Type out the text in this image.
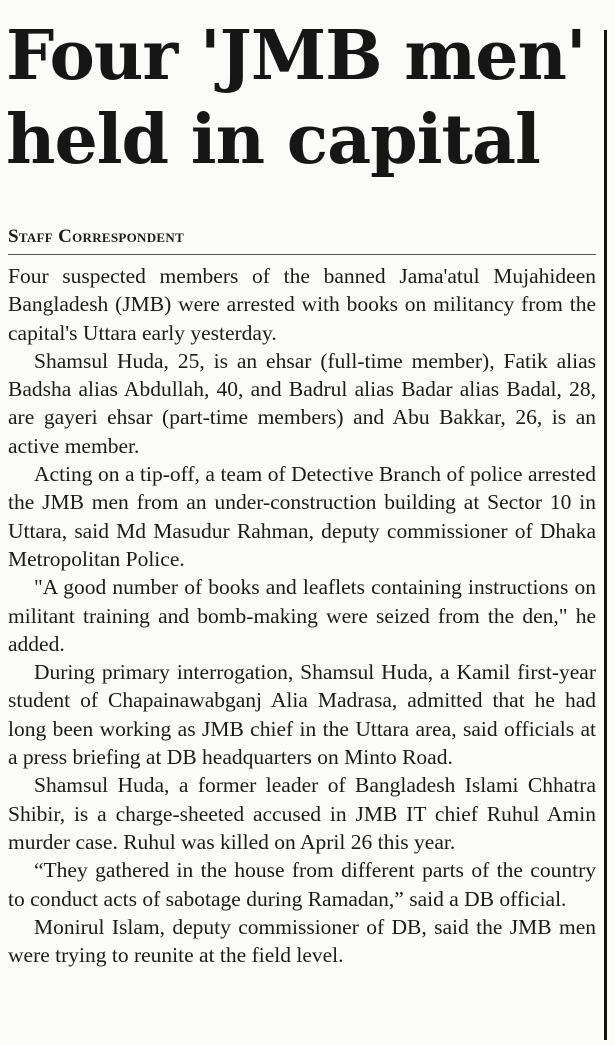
Four 'JMB men'
held in capital
Staff Correspondent

Four suspected members of the banned Jama'atul Mujahideen Bangladesh (JMB) were arrested with books on militancy from the capital's Uttara early yesterday.

Shamsul Huda, 25, is an ehsar (full-time member), Fatik alias Badsha alias Abdullah, 40, and Badrul alias Badar alias Badal, 28, are gayeri ehsar (part-time members) and Abu Bakkar, 26, is an active member.

Acting on a tip-off, a team of Detective Branch of police arrested the JMB men from an under-construction building at Sector 10 in Uttara, said Md Masudur Rahman, deputy commissioner of Dhaka Metropolitan Police.

"A good number of books and leaflets containing instructions on militant training and bomb-making were seized from the den," he added.

During primary interrogation, Shamsul Huda, a Kamil first-year student of Chapainawabganj Alia Madrasa, admitted that he had long been working as JMB chief in the Uttara area, said officials at a press briefing at DB headquarters on Minto Road.

Shamsul Huda, a former leader of Bangladesh Islami Chhatra Shibir, is a charge-sheeted accused in JMB IT chief Ruhul Amin murder case. Ruhul was killed on April 26 this year.

“They gathered in the house from different parts of the country to conduct acts of sabotage during Ramadan,” said a DB official.

Monirul Islam, deputy commissioner of DB, said the JMB men were trying to reunite at the field level.
